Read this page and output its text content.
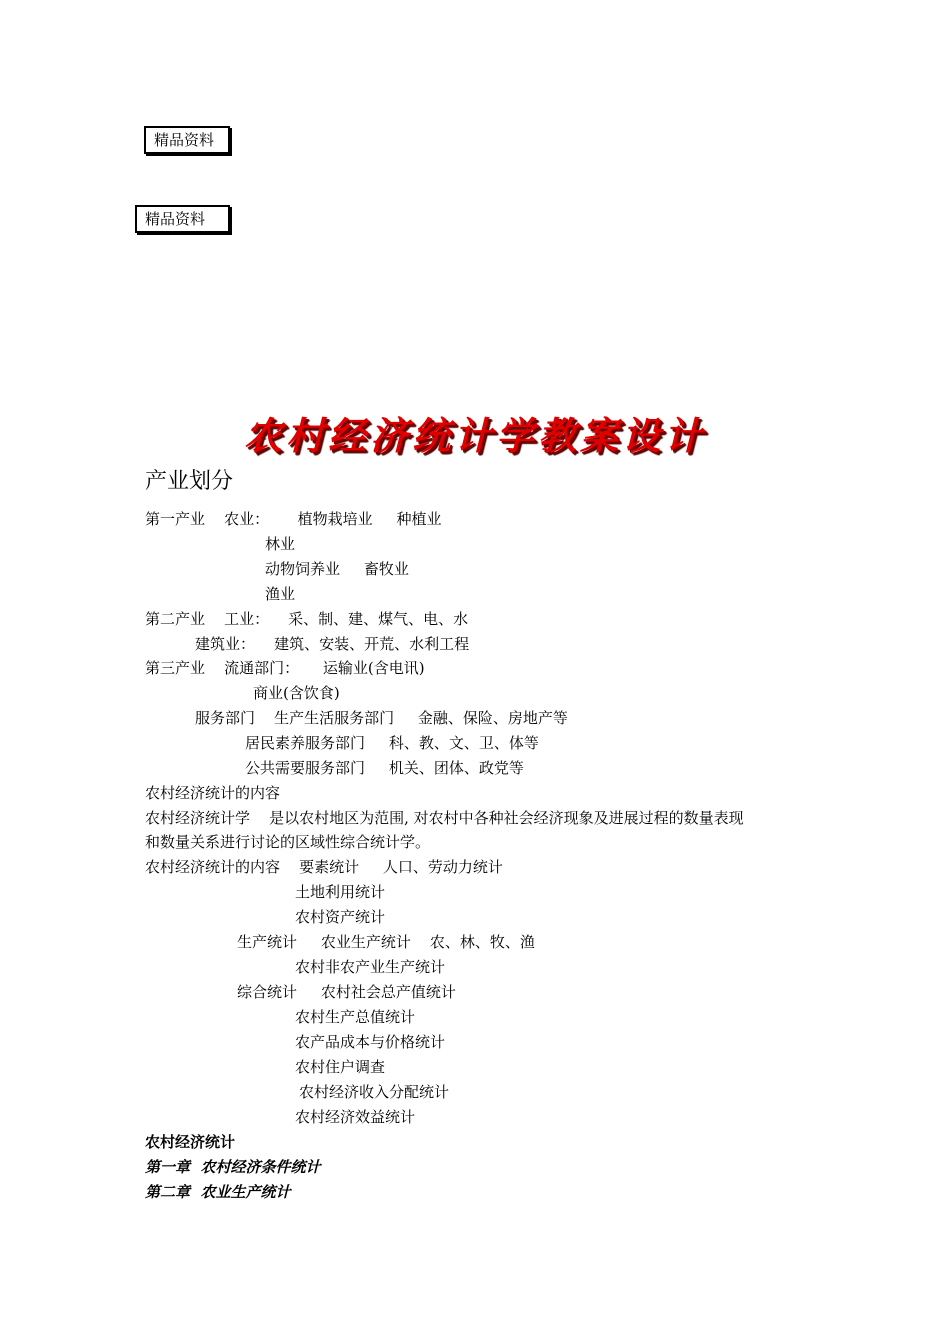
精品资料
精品资料
农村经济统计学教案设计
产业划分
第一产业    农业：      植物栽培业     种植业
林业
动物饲养业     畜牧业
渔业
第二产业    工业：    采、制、建、煤气、电、水
建筑业：    建筑、安装、开荒、水利工程
第三产业    流通部门：     运输业(含电讯)
商业(含饮食)
服务部门    生产生活服务部门     金融、保险、房地产等
居民素养服务部门     科、教、文、卫、体等
公共需要服务部门     机关、团体、政党等
农村经济统计的内容
农村经济统计学    是以农村地区为范围, 对农村中各种社会经济现象及进展过程的数量表现
和数量关系进行讨论的区域性综合统计学。
农村经济统计的内容    要素统计     人口、劳动力统计
土地利用统计
农村资产统计
生产统计     农业生产统计    农、林、牧、渔
农村非农产业生产统计
综合统计     农村社会总产值统计
农村生产总值统计
农产品成本与价格统计
农村住户调查
农村经济收入分配统计
农村经济效益统计
农村经济统计
第一章  农村经济条件统计
第二章  农业生产统计
